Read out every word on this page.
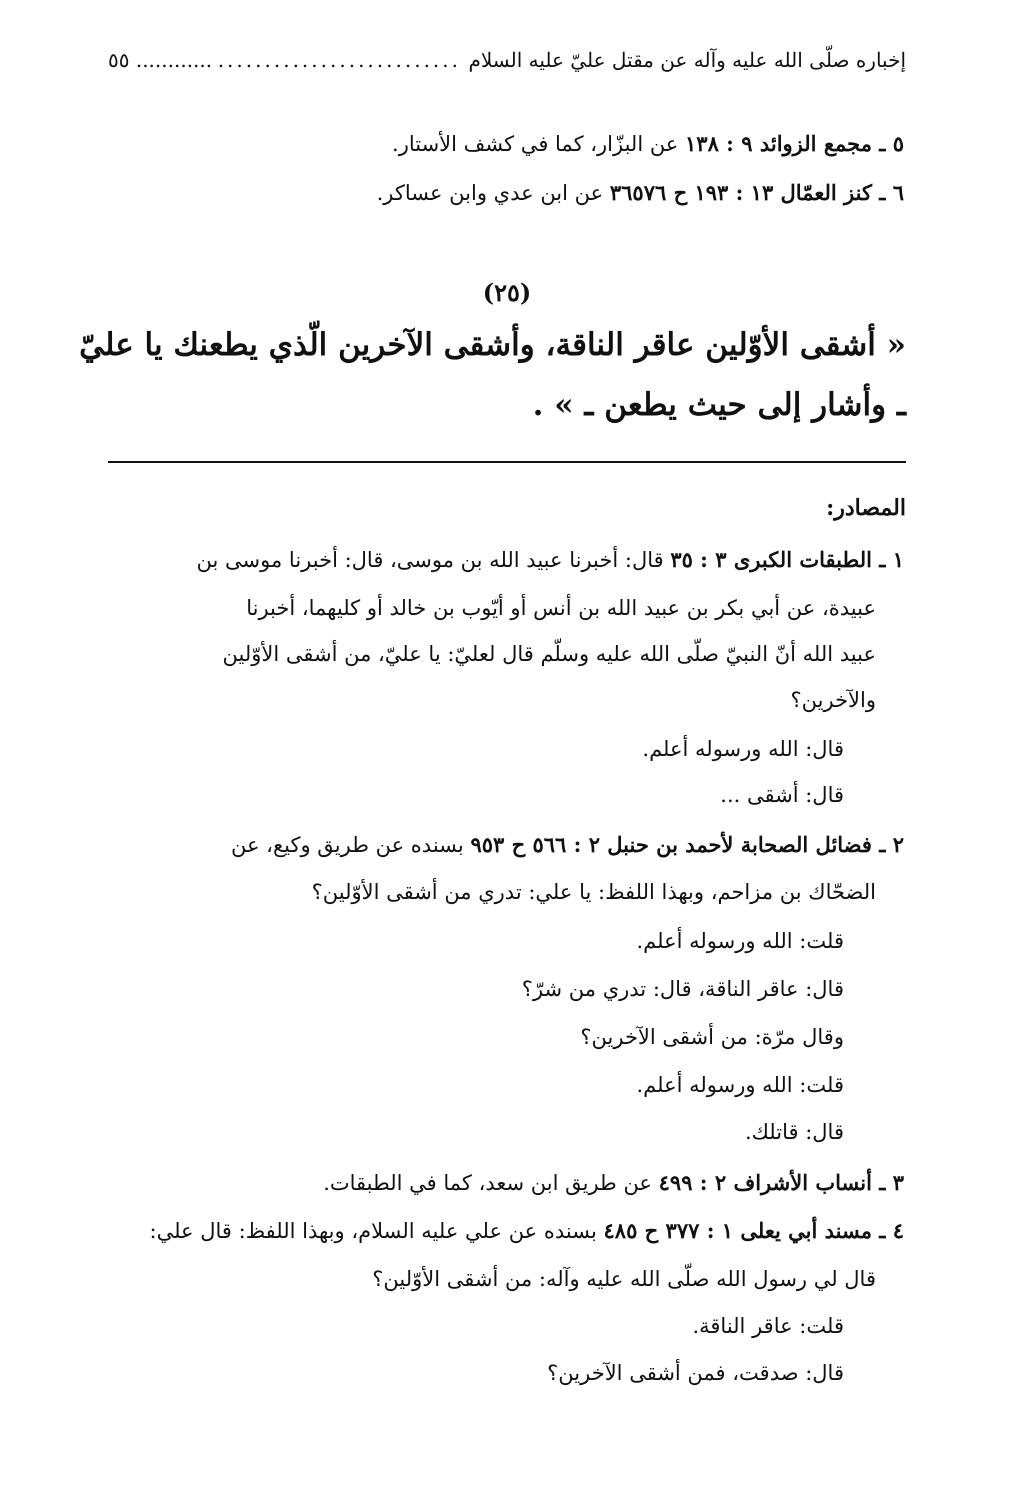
إخباره صلّى الله عليه وآله عن مقتل عليّ عليه السلام
..........................
............ ٥٥
٥ ـ مجمع الزوائد ٩ : ١٣٨ عن البزّار، كما في كشف الأستار.
٦ ـ كنز العمّال ١٣ : ١٩٣ ح ٣٦٥٧٦ عن ابن عدي وابن عساكر.
(٢٥)
« أشقى الأوّلين عاقر الناقة، وأشقى الآخرين الّذي يطعنك يا عليّ
ـ وأشار إلى حيث يطعن ـ » .
المصادر:
١ ـ الطبقات الكبرى ٣ : ٣٥ قال: أخبرنا عبيد الله بن موسى، قال: أخبرنا موسى بن
عبيدة، عن أبي بكر بن عبيد الله بن أنس أو أيّوب بن خالد أو كليهما، أخبرنا
عبيد الله أنّ النبيّ صلّى الله عليه وسلّم قال لعليّ: يا عليّ، من أشقى الأوّلين
والآخرين؟
قال: الله ورسوله أعلم.
قال: أشقى ...
٢ ـ فضائل الصحابة لأحمد بن حنبل ٢ : ٥٦٦ ح ٩٥٣ بسنده عن طريق وكيع، عن
الضحّاك بن مزاحم، وبهذا اللفظ: يا علي: تدري من أشقى الأوّلين؟
قلت: الله ورسوله أعلم.
قال: عاقر الناقة، قال: تدري من شرّ؟
وقال مرّة: من أشقى الآخرين؟
قلت: الله ورسوله أعلم.
قال: قاتلك.
٣ ـ أنساب الأشراف ٢ : ٤٩٩ عن طريق ابن سعد، كما في الطبقات.
٤ ـ مسند أبي يعلى ١ : ٣٧٧ ح ٤٨٥ بسنده عن علي عليه السلام، وبهذا اللفظ: قال علي:
قال لي رسول الله صلّى الله عليه وآله: من أشقى الأوّلين؟
قلت: عاقر الناقة.
قال: صدقت، فمن أشقى الآخرين؟
